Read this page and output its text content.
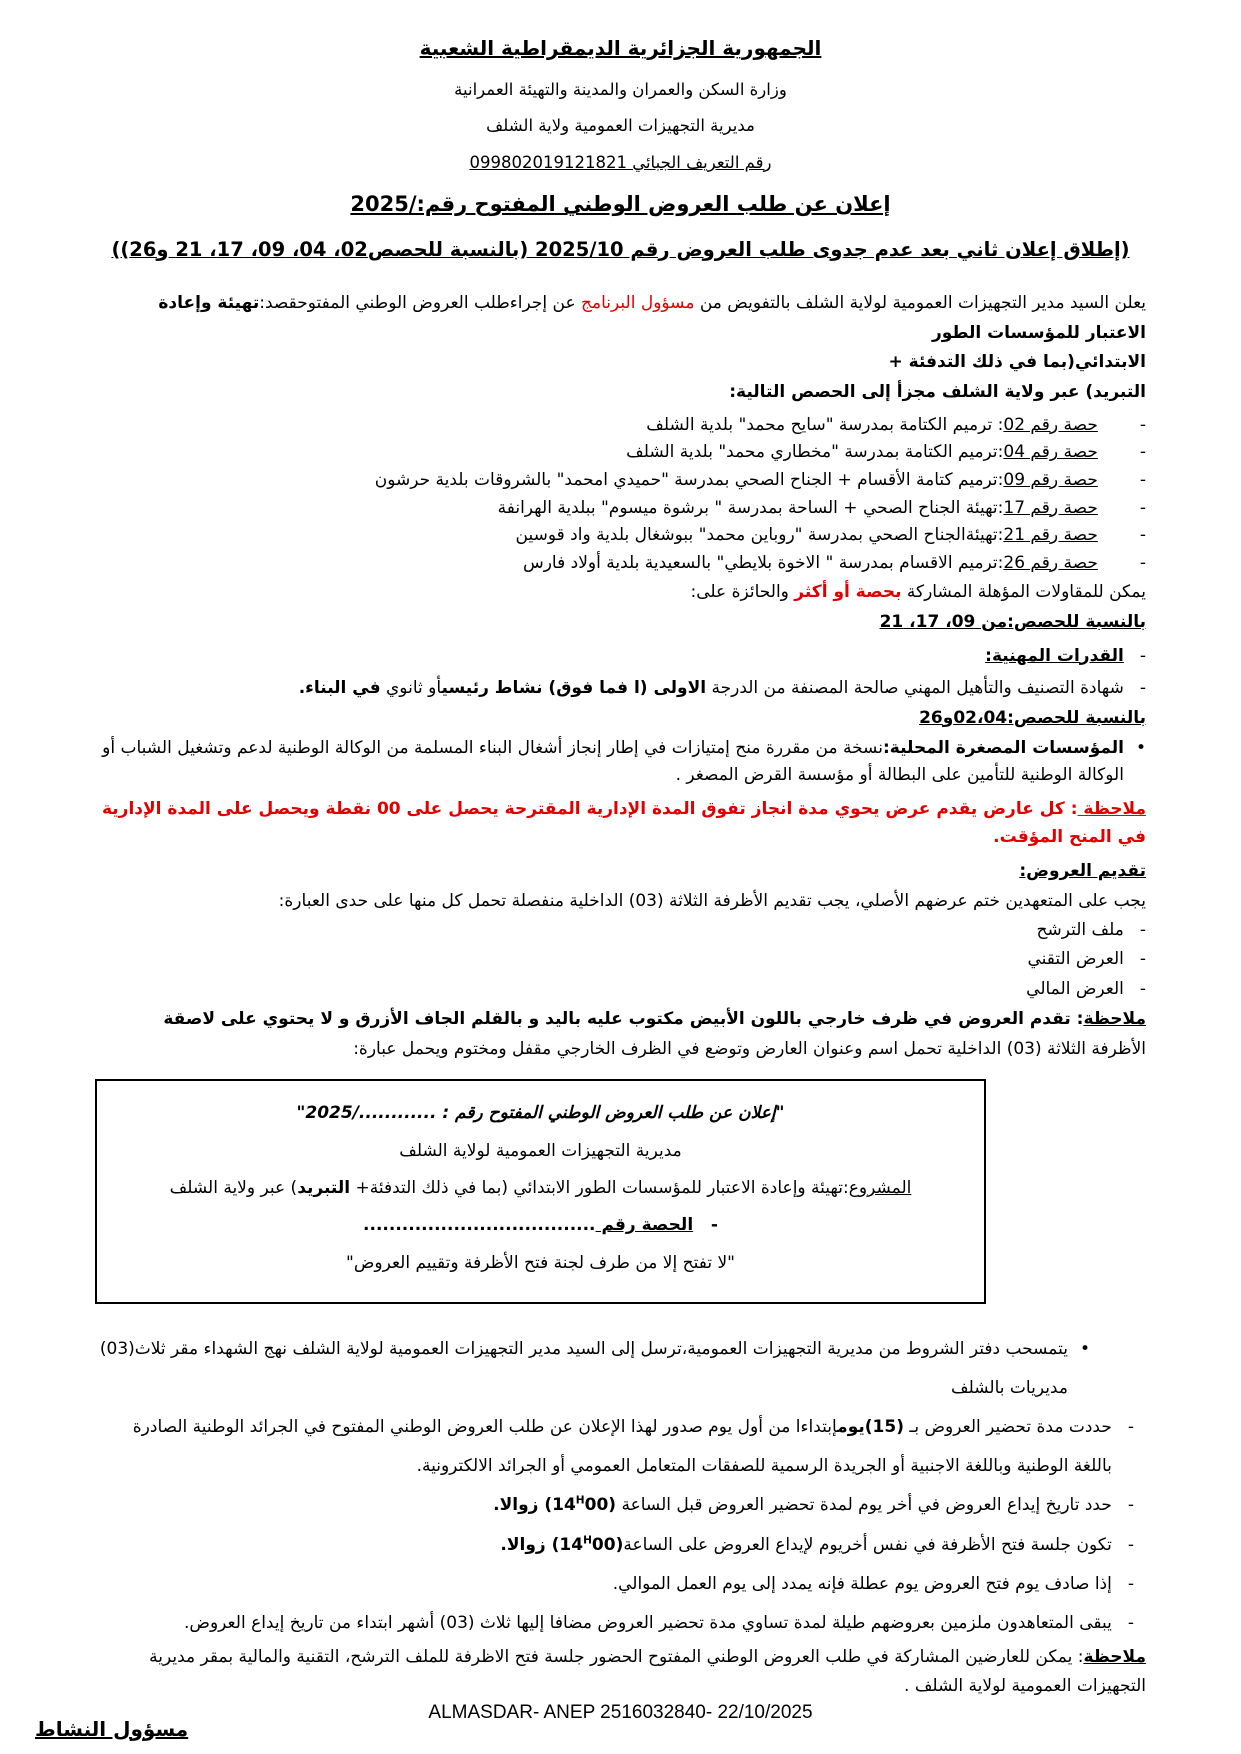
الجمهورية الجزائرية الديمقراطية الشعبية
وزارة السكن والعمران والمدينة والتهيئة العمرانية
مديرية التجهيزات العمومية ولاية الشلف
رقم التعريف الجبائي 099802019121821
إعلان عن طلب العروض الوطني المفتوح رقم:/2025
(إطلاق إعلان ثاني بعد عدم جدوى طلب العروض رقم 2025/10 (بالنسبة للحصص02، 04، 09، 17، 21 و26))

يعلن السيد مدير التجهيزات العمومية لولاية الشلف بالتفويض من مسؤول البرنامج عن إجراءطلب العروض الوطني المفتوحقصد:تهيئة وإعادة الاعتبار للمؤسسات الطور
الابتدائي(بما في ذلك التدفئة +
التبريد) عبر ولاية الشلف مجزأ إلى الحصص التالية:

-
حصة رقم 02: ترميم الكتامة بمدرسة "سايح محمد" بلدية الشلف
-
حصة رقم 04:ترميم الكتامة بمدرسة "مخطاري محمد" بلدية الشلف
-
حصة رقم 09:ترميم كتامة الأقسام + الجناح الصحي بمدرسة "حميدي امحمد" بالشروقات بلدية حرشون
-
حصة رقم 17:تهيئة الجناح الصحي + الساحة بمدرسة " برشوة ميسوم" ببلدية الهرانفة
-
حصة رقم 21:تهيئةالجناح الصحي بمدرسة "روباين محمد" ببوشغال بلدية واد قوسين
-
حصة رقم 26:ترميم الاقسام بمدرسة " الاخوة بلايطي" بالسعيدية بلدية أولاد فارس
يمكن للمقاولات المؤهلة المشاركة بحصة أو أكثر والحائزة على:
بالنسبة للحصص:من 09، 17، 21
-
القدرات المهنية:
-
شهادة التصنيف والتأهيل المهني صالحة المصنفة من الدرجة الاولى (ا فما فوق) نشاط رئيسيأو ثانوي في البناء.
بالنسبة للحصص:02،04و26
•
المؤسسات المصغرة المحلية:نسخة من مقررة منح إمتيازات في إطار إنجاز أشغال البناء المسلمة من الوكالة الوطنية لدعم وتشغيل الشباب أو الوكالة الوطنية للتأمين على البطالة أو مؤسسة القرض المصغر .
ملاحظة : كل عارض يقدم عرض يحوي مدة انجاز تفوق المدة الإدارية المقترحة يحصل على 00 نقطة ويحصل على المدة الإدارية في المنح المؤقت.
تقديم العروض:
يجب على المتعهدين ختم عرضهم الأصلي، يجب تقديم الأظرفة الثلاثة (03) الداخلية منفصلة تحمل كل منها على حدى العبارة:
-
ملف الترشح
-
العرض التقني
-
العرض المالي
ملاحظة: تقدم العروض في ظرف خارجي باللون الأبيض مكتوب عليه باليد و بالقلم الجاف الأزرق و لا يحتوي على لاصقة
الأظرفة الثلاثة (03) الداخلية تحمل اسم وعنوان العارض وتوضع في الظرف الخارجي مقفل ومختوم ويحمل عبارة:
"إعلان عن طلب العروض الوطني المفتوح رقم : ............/2025"
مديرية التجهيزات العمومية لولاية الشلف
المشروع:تهيئة وإعادة الاعتبار للمؤسسات الطور الابتدائي (بما في ذلك التدفئة+ التبريد) عبر ولاية الشلف
-   الحصة رقم ....................................
"لا تفتح إلا من طرف لجنة فتح الأظرفة وتقييم العروض"
•
يتمسحب دفتر الشروط من مديرية التجهيزات العمومية،ترسل إلى السيد مدير التجهيزات العمومية لولاية الشلف نهج الشهداء مقر ثلاث(03) مديريات بالشلف
-
حددت مدة تحضير العروض بـ (15)يومإبتداءا من أول يوم صدور لهذا الإعلان عن طلب العروض الوطني المفتوح في الجرائد الوطنية الصادرة باللغة الوطنية وباللغة الاجنبية أو الجريدة الرسمية للصفقات المتعامل العمومي أو الجرائد الالكترونية.
-
حدد تاريخ إيداع العروض في أخر يوم لمدة تحضير العروض قبل الساعة $(14^H00)$ زوالا.
-
تكون جلسة فتح الأظرفة في نفس أخريوم لإيداع العروض على $الساعة(14^H00)$ زوالا.
-
إذا صادف يوم فتح العروض يوم عطلة فإنه يمدد إلى يوم العمل الموالي.
-
يبقى المتعاهدون ملزمين بعروضهم طيلة لمدة تساوي مدة تحضير العروض مضافا إليها ثلاث (03) أشهر ابتداء من تاريخ إيداع العروض.
ملاحظة: يمكن للعارضين المشاركة في طلب العروض الوطني المفتوح الحضور جلسة فتح الاظرفة للملف الترشح، التقنية والمالية بمقر مديرية التجهيزات العمومية لولاية الشلف .
مسؤول النشاط
ALMASDAR- ANEP 2516032840- 22/10/2025
